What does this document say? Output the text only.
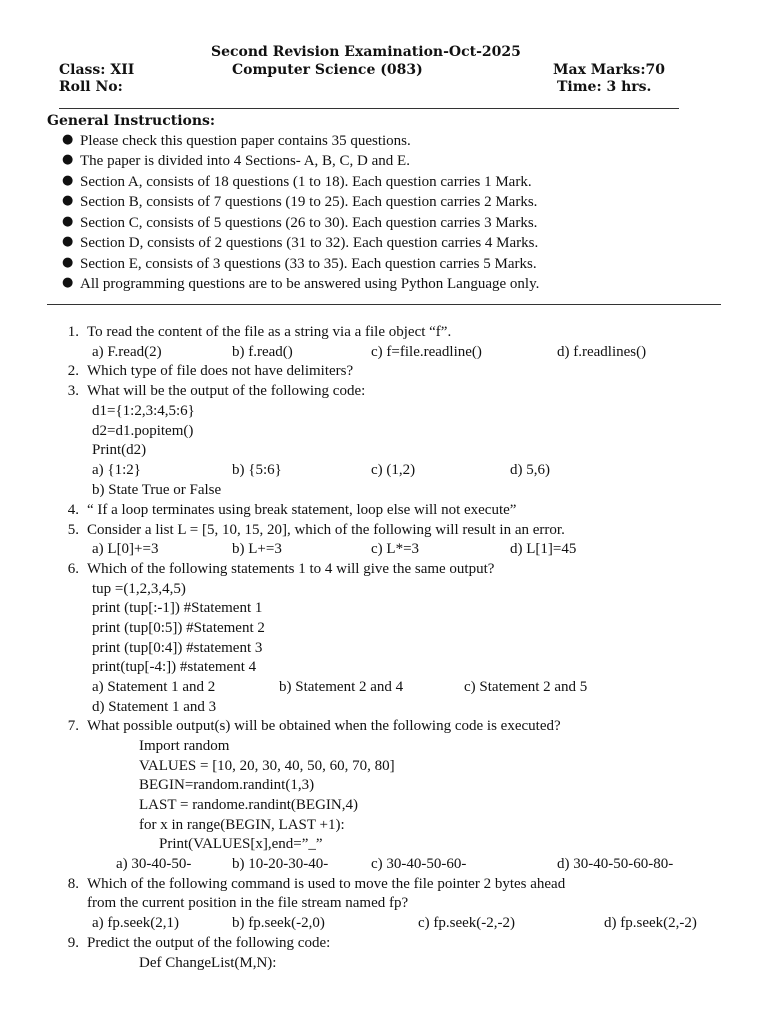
Second Revision Examination-Oct-2025
Class: XII	Computer Science (083)	Max Marks:70
Roll No:	Time: 3 hrs.
General Instructions:
● Please check this question paper contains 35 questions.
● The paper is divided into 4 Sections- A, B, C, D and E.
● Section A, consists of 18 questions (1 to 18). Each question carries 1 Mark.
● Section B, consists of 7 questions (19 to 25). Each question carries 2 Marks.
● Section C, consists of 5 questions (26 to 30). Each question carries 3 Marks.
● Section D, consists of 2 questions (31 to 32). Each question carries 4 Marks.
● Section E, consists of 3 questions (33 to 35). Each question carries 5 Marks.
● All programming questions are to be answered using Python Language only.
1. To read the content of the file as a string via a file object “f”.
a) F.read(2)	b) f.read()	c) f=file.readline()	d) f.readlines()
2. Which type of file does not have delimiters?
3. What will be the output of the following code:
d1={1:2,3:4,5:6}
d2=d1.popitem()
Print(d2)
a) {1:2}	b) {5:6}	c) (1,2)	d) 5,6)
b) State True or False
4. “ If a loop terminates using break statement, loop else will not execute”
5. Consider a list L = [5, 10, 15, 20], which of the following will result in an error.
a) L[0]+=3	b) L+=3	c) L*=3	d) L[1]=45
6. Which of the following statements 1 to 4 will give the same output?
tup =(1,2,3,4,5)
print (tup[:-1]) #Statement 1
print (tup[0:5]) #Statement 2
print (tup[0:4]) #statement 3
print(tup[-4:]) #statement 4
a) Statement 1 and 2	b) Statement 2 and 4	c) Statement 2 and 5
d) Statement 1 and 3
7. What possible output(s) will be obtained when the following code is executed?
Import random
VALUES = [10, 20, 30, 40, 50, 60, 70, 80]
BEGIN=random.randint(1,3)
LAST = randome.randint(BEGIN,4)
for x in range(BEGIN, LAST +1):
Print(VALUES[x],end=”_”
a) 30-40-50-	b) 10-20-30-40-	c) 30-40-50-60-	d) 30-40-50-60-80-
8. Which of the following command is used to move the file pointer 2 bytes ahead
from the current position in the file stream named fp?
a) fp.seek(2,1)	b) fp.seek(-2,0)	c) fp.seek(-2,-2)	d) fp.seek(2,-2)
9. Predict the output of the following code:
Def ChangeList(M,N):
